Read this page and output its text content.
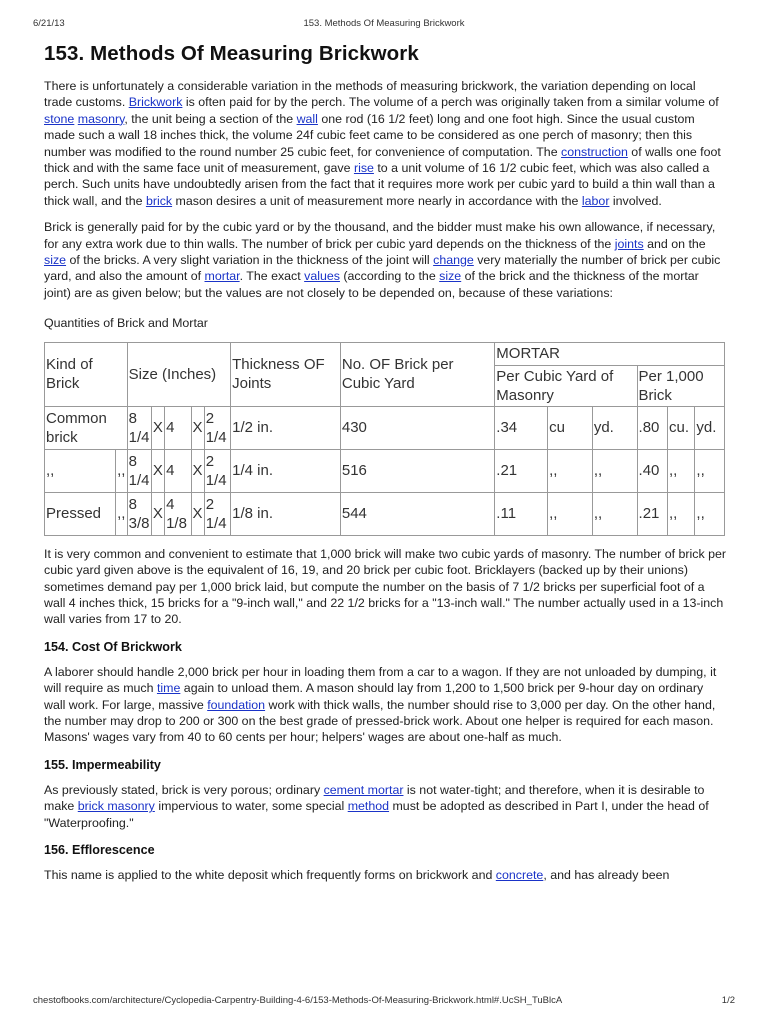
6/21/13	153. Methods Of Measuring Brickwork
153. Methods Of Measuring Brickwork

There is unfortunately a considerable variation in the methods of measuring brickwork, the variation depending on local trade customs. Brickwork is often paid for by the perch. The volume of a perch was originally taken from a similar volume of stone masonry, the unit being a section of the wall one rod (16 1/2 feet) long and one foot high. Since the usual custom made such a wall 18 inches thick, the volume 24f cubic feet came to be considered as one perch of masonry; then this number was modified to the round number 25 cubic feet, for convenience of computation. The construction of walls one foot thick and with the same face unit of measurement, gave rise to a unit volume of 16 1/2 cubic feet, which was also called a perch. Such units have undoubtedly arisen from the fact that it requires more work per cubic yard to build a thin wall than a thick wall, and the brick mason desires a unit of measurement more nearly in accordance with the labor involved.

Brick is generally paid for by the cubic yard or by the thousand, and the bidder must make his own allowance, if necessary, for any extra work due to thin walls. The number of brick per cubic yard depends on the thickness of the joints and on the size of the bricks. A very slight variation in the thickness of the joint will change very materially the number of brick per cubic yard, and also the amount of mortar. The exact values (according to the size of the brick and the thickness of the mortar joint) are as given below; but the values are not closely to be depended on, because of these variations:

Quantities of Brick and Mortar

Kind of Brick		Size (Inches)					Thickness OF Joints	No. OF Brick per Cubic Yard	MORTAR					
									Per Cubic Yard of Masonry			Per 1,000 Brick		
Common brick		8 1/4	X	4	X	2 1/4	1/2 in.	430	.34	cu	yd.	.80	cu.	yd.
,,	,,	8 1/4	X	4	X	2 1/4	1/4 in.	516	.21	,,	,,	.40	,,	,,
Pressed	,,	8 3/8	X	4 1/8	X	2 1/4	1/8 in.	544	.11	,,	,,	.21	,,	,,

It is very common and convenient to estimate that 1,000 brick will make two cubic yards of masonry. The number of brick per cubic yard given above is the equivalent of 16, 19, and 20 brick per cubic foot. Bricklayers (backed up by their unions) sometimes demand pay per 1,000 brick laid, but compute the number on the basis of 7 1/2 bricks per superficial foot of a wall 4 inches thick, 15 bricks for a "9-inch wall," and 22 1/2 bricks for a "13-inch wall." The number actually used in a 13-inch wall varies from 17 to 20.

154. Cost Of Brickwork

A laborer should handle 2,000 brick per hour in loading them from a car to a wagon. If they are not unloaded by dumping, it will require as much time again to unload them. A mason should lay from 1,200 to 1,500 brick per 9-hour day on ordinary wall work. For large, massive foundation work with thick walls, the number should rise to 3,000 per day. On the other hand, the number may drop to 200 or 300 on the best grade of pressed-brick work. About one helper is required for each mason. Masons' wages vary from 40 to 60 cents per hour; helpers' wages are about one-half as much.

155. Impermeability

As previously stated, brick is very porous; ordinary cement mortar is not water-tight; and therefore, when it is desirable to make brick masonry impervious to water, some special method must be adopted as described in Part I, under the head of "Waterproofing."

156. Efflorescence

This name is applied to the white deposit which frequently forms on brickwork and concrete, and has already been

chestofbooks.com/architecture/Cyclopedia-Carpentry-Building-4-6/153-Methods-Of-Measuring-Brickwork.html#.UcSH_TuBlcA	1/2
